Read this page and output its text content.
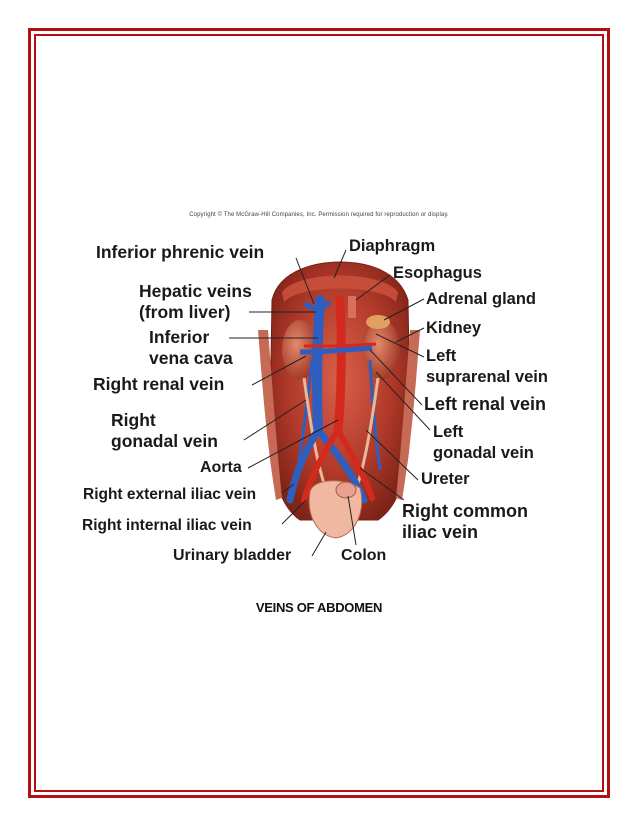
Copyright © The McGraw-Hill Companies, Inc. Permission required for reproduction or display.
Inferior phrenic vein
Hepatic veins
(from liver)
Inferior
vena cava
Right renal vein
Right
gonadal vein
Aorta
Right external iliac vein
Right internal iliac vein
Urinary bladder	Colon
Diaphragm
Esophagus
Adrenal gland
Kidney
Left
suprarenal vein
Left renal vein
Left
gonadal vein
Ureter
Right common
iliac vein
VEINS OF ABDOMEN
